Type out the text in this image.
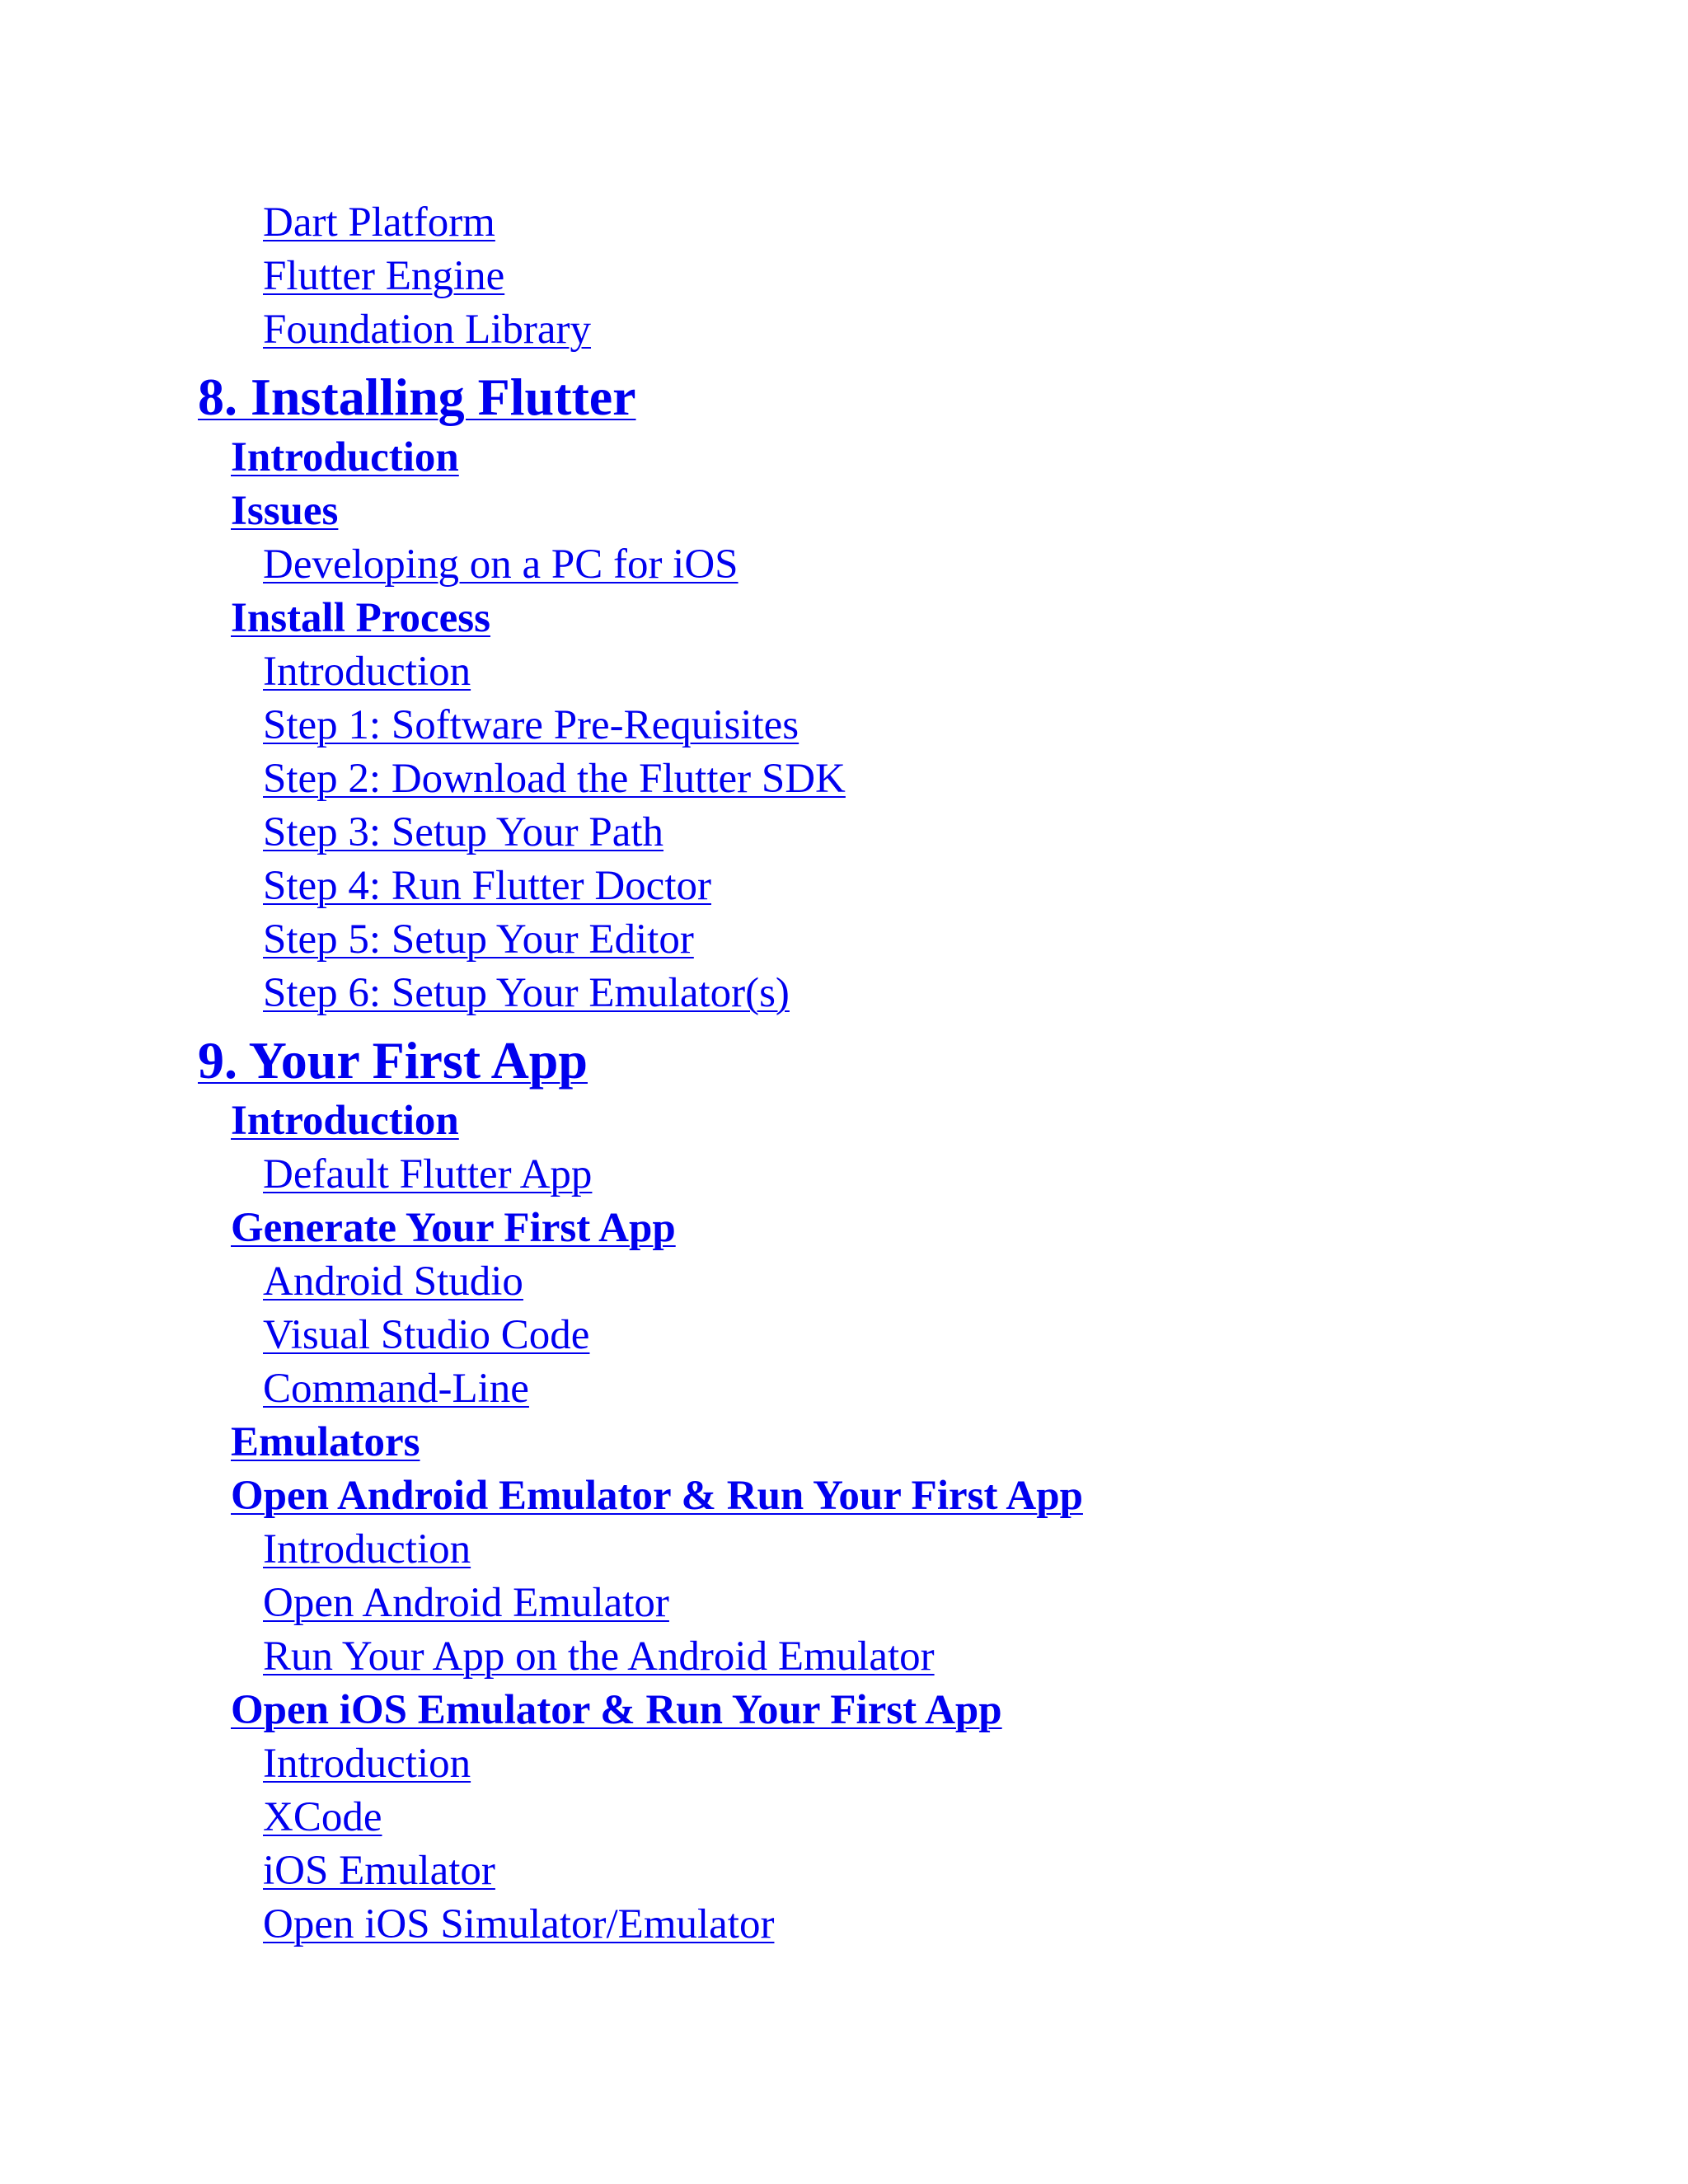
Dart Platform
Flutter Engine
Foundation Library
8. Installing Flutter
Introduction
Issues
Developing on a PC for iOS
Install Process
Introduction
Step 1: Software Pre-Requisites
Step 2: Download the Flutter SDK
Step 3: Setup Your Path
Step 4: Run Flutter Doctor
Step 5: Setup Your Editor
Step 6: Setup Your Emulator(s)
9. Your First App
Introduction
Default Flutter App
Generate Your First App
Android Studio
Visual Studio Code
Command-Line
Emulators
Open Android Emulator & Run Your First App
Introduction
Open Android Emulator
Run Your App on the Android Emulator
Open iOS Emulator & Run Your First App
Introduction
XCode
iOS Emulator
Open iOS Simulator/Emulator
